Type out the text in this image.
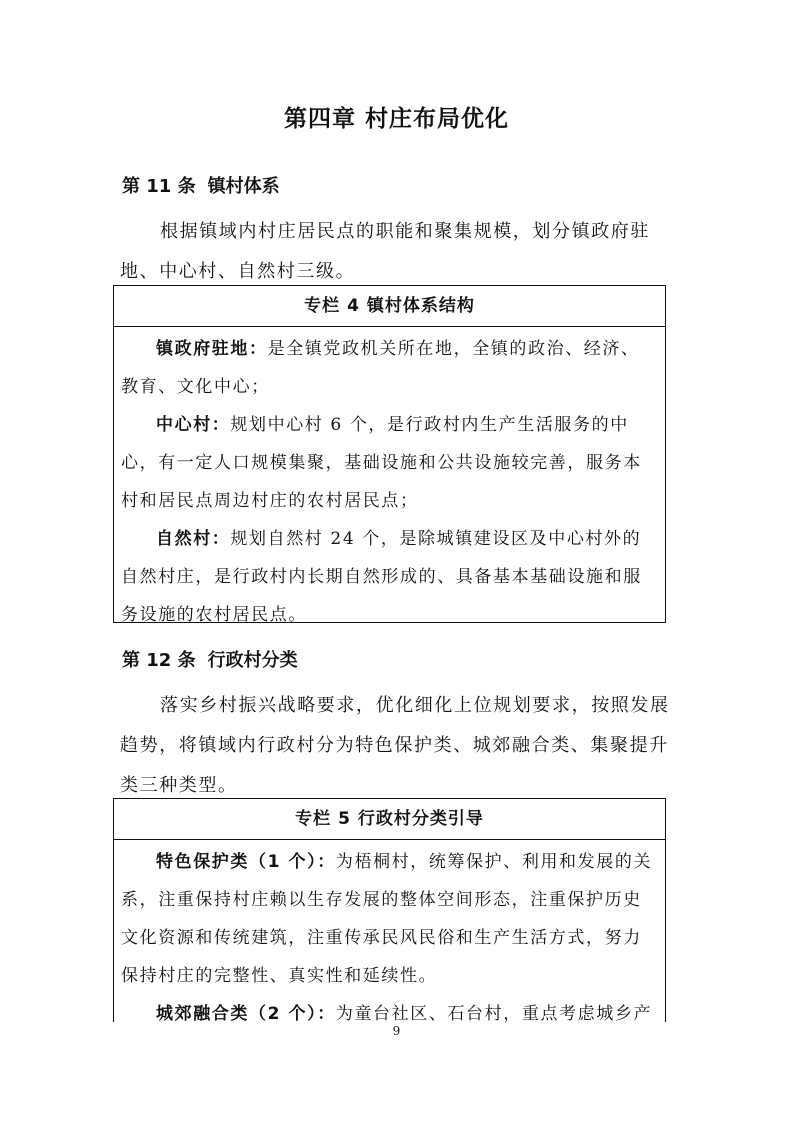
第四章 村庄布局优化
第 11 条 镇村体系

根据镇域内村庄居民点的职能和聚集规模，划分镇政府驻地、中心村、自然村三级。

专栏 4 镇村体系结构

镇政府驻地：是全镇党政机关所在地，全镇的政治、经济、教育、文化中心；

中心村：规划中心村 6 个，是行政村内生产生活服务的中心，有一定人口规模集聚，基础设施和公共设施较完善，服务本村和居民点周边村庄的农村居民点；

自然村：规划自然村 24 个，是除城镇建设区及中心村外的自然村庄，是行政村内长期自然形成的、具备基本基础设施和服务设施的农村居民点。

第 12 条 行政村分类

落实乡村振兴战略要求，优化细化上位规划要求，按照发展趋势，将镇域内行政村分为特色保护类、城郊融合类、集聚提升类三种类型。

专栏 5 行政村分类引导

特色保护类（1 个）：为梧桐村，统筹保护、利用和发展的关系，注重保持村庄赖以生存发展的整体空间形态，注重保护历史文化资源和传统建筑，注重传承民风民俗和生产生活方式，努力保持村庄的完整性、真实性和延续性。

城郊融合类（2 个）：为童台社区、石台村，重点考虑城乡产

9
